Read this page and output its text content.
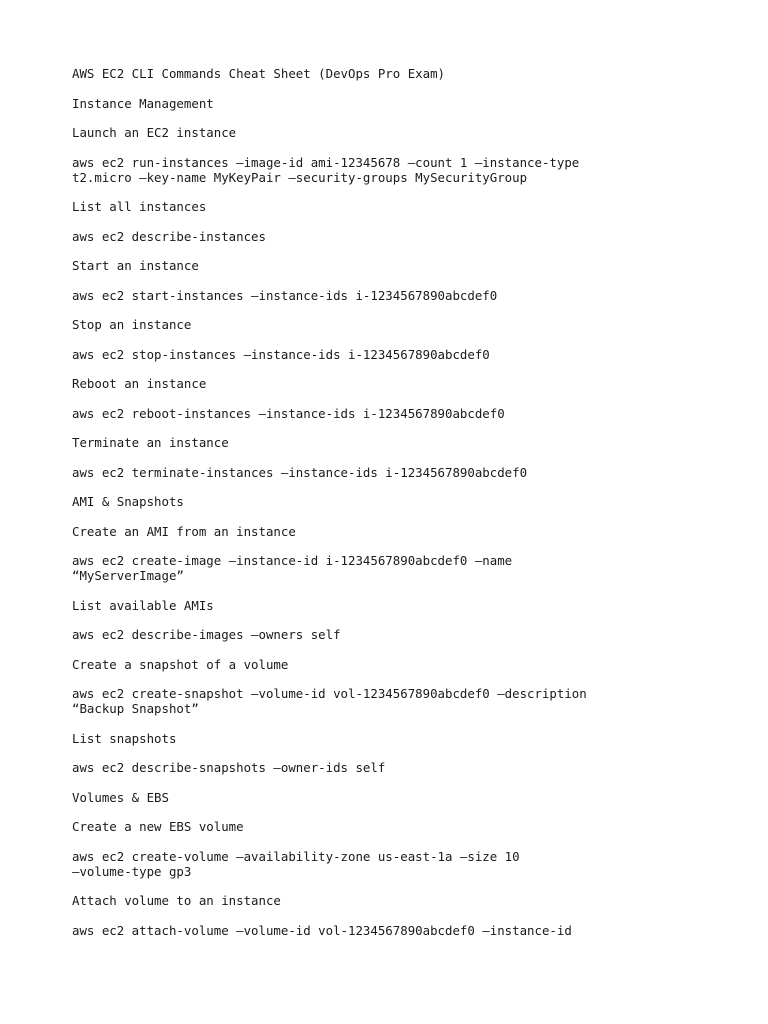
AWS EC2 CLI Commands Cheat Sheet (DevOps Pro Exam)

Instance Management

Launch an EC2 instance

aws ec2 run-instances –image-id ami-12345678 –count 1 –instance-type
t2.micro –key-name MyKeyPair –security-groups MySecurityGroup

List all instances

aws ec2 describe-instances

Start an instance

aws ec2 start-instances –instance-ids i-1234567890abcdef0

Stop an instance

aws ec2 stop-instances –instance-ids i-1234567890abcdef0

Reboot an instance

aws ec2 reboot-instances –instance-ids i-1234567890abcdef0

Terminate an instance

aws ec2 terminate-instances –instance-ids i-1234567890abcdef0

AMI & Snapshots

Create an AMI from an instance

aws ec2 create-image –instance-id i-1234567890abcdef0 –name
“MyServerImage”

List available AMIs

aws ec2 describe-images –owners self

Create a snapshot of a volume

aws ec2 create-snapshot –volume-id vol-1234567890abcdef0 –description
“Backup Snapshot”

List snapshots

aws ec2 describe-snapshots –owner-ids self

Volumes & EBS

Create a new EBS volume

aws ec2 create-volume –availability-zone us-east-1a –size 10
–volume-type gp3

Attach volume to an instance

aws ec2 attach-volume –volume-id vol-1234567890abcdef0 –instance-id
